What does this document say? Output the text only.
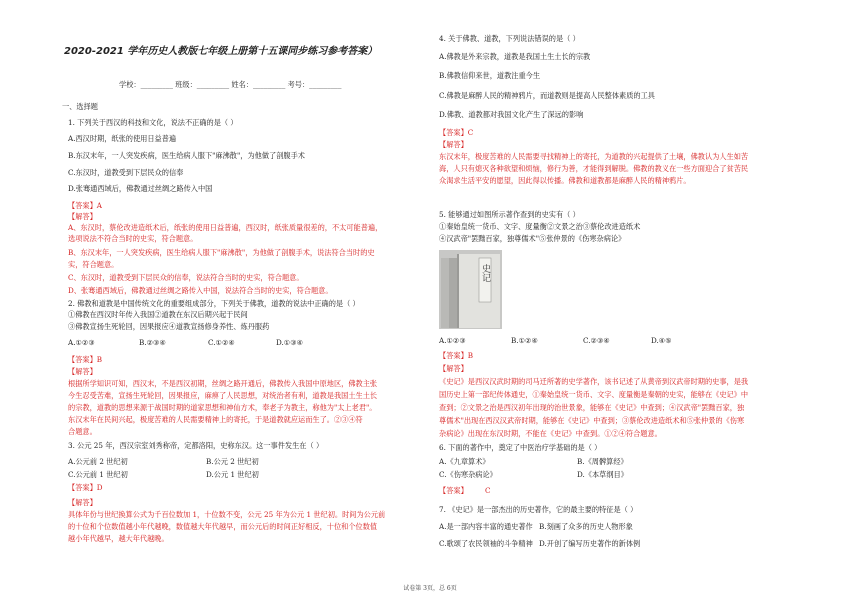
2020-2021 学年历史人教版七年级上册第十五课同步练习参考答案）
学校：_________ 班级：_________ 姓名：_________ 考号：_________
一、选择题
1. 下列关于西汉的科技和文化，说法不正确的是（ ）
A.西汉时期，纸张的使用日益普遍
B.东汉末年，一人突发疾病，医生给病人服下"麻沸散"，为他做了剖腹手术
C.东汉时，道教受到下层民众的信奉
D.张骞通西域后，佛教通过丝绸之路传入中国
【答案】A
【解答】
A、东汉时，蔡伦改进造纸术后，纸张的使用日益普遍，西汉时，纸张质量很差的，不太可能普遍，
选项说法不符合当时的史实，符合题意。
B、东汉末年，一人突发疾病，医生给病人服下"麻沸散"，为他做了剖腹手术，说法符合当时的史
实，符合题意。
C、东汉时，道教受到下层民众的信奉，说法符合当时的史实，符合题意。
D、张骞通西域后，佛教通过丝绸之路传入中国，说法符合当时的史实，符合题意。
2. 佛教和道教是中国传统文化的重要组成部分，下列关于佛教，道教的说法中正确的是（ ）
①佛教在西汉时年传入我国②道教在东汉后期兴起于民间
③佛教宣扬生死轮回，因果报应④道教宣扬修身养性、炼丹服药
A.①②③	B.②③④	C.①②④	D.①③④
【答案】B
【解答】
根据所学知识可知，西汉末，不是西汉初期，丝绸之路开通后，佛教传入我国中原地区，佛教主张
今生忍受苦难，宣扬生死轮回，因果报应，麻痹了人民思想，对统治者有利，道教是我国土生土长
的宗教，道教的思想来源于战国时期的道家思想和神仙方术，奉老子为教主，称他为"太上老君"。
东汉末年在民间兴起，极度苦难的人民需要精神上的寄托，于是道教就应运而生了。②③④符
合题意。
3. 公元 25 年，西汉宗室刘秀称帝，定都洛阳，史称东汉。这一事件发生在（ ）
A.公元前 2 世纪初	B.公元 2 世纪初
C.公元前 1 世纪初	D.公元 1 世纪初
【答案】D
【解答】
具体年份与世纪换算公式为千百位数加 1，十位数不变，公元 25 年为公元 1 世纪初。时间为公元前
的十位和个位数值越小年代越晚，数值越大年代越早，而公元后的时间正好相反，十位和个位数值
越小年代越早，越大年代越晚。
4. 关于佛教、道教，下列说法错误的是（ ）
A.佛教是外来宗教，道教是我国土生土长的宗教
B.佛教信仰来世，道教注重今生
C.佛教是麻醉人民的精神鸦片，而道教则是提高人民整体素质的工具
D.佛教、道教都对我国文化产生了深远的影响
【答案】C
【解答】
东汉末年，极度苦难的人民需要寻找精神上的寄托，为道教的兴起提供了土壤，佛教认为人生如苦
海，人只有熄灭各种欲望和烦恼，修行为善，才能得到解脱。佛教的教义在一些方面迎合了贫苦民
众渴求生活平安的愿望，因此得以传播。佛教和道教都是麻醉人民的精神鸦片。
5. 能够通过如图所示著作查到的史实有（ ）
①秦始皇统一货币、文字、度量衡②文景之治③蔡伦改进造纸术
④汉武帝"罢黜百家，独尊儒术"⑤张仲景的《伤寒杂病论》
史记
A.①②③	B.①②④	C.②③④	D.④⑤
【答案】B
【解答】
《史记》是西汉汉武时期的司马迁所著的史学著作，该书记述了从黄帝到汉武帝时期的史事，是我
国历史上第一部纪传体通史，①秦始皇统一货币、文字、度量衡是秦朝的史实，能够在《史记》中
查到；②文景之治是西汉初年出现的治世景象，能够在《史记》中查到；④汉武帝"罢黜百家，独
尊儒术"出现在西汉汉武帝时期，能够在《史记》中查到；③蔡伦改进造纸术和⑤张仲景的《伤寒
杂病论》出现在东汉时期，不能在《史记》中查到。①②④符合题意。
6. 下面的著作中，奠定了中医治疗学基础的是（ ）
A.《九章算术》	B.《周髀算经》
C.《伤寒杂病论》	D.《本草纲目》
【答案】 C
7. 《史记》是一部杰出的历史著作，它的最主要的特征是（ ）
A.是一部内容丰富的通史著作 B.刻画了众多的历史人物形象
C.歌颂了农民领袖的斗争精神 D.开创了编写历史著作的新体例
试卷第 3页，总 6页
